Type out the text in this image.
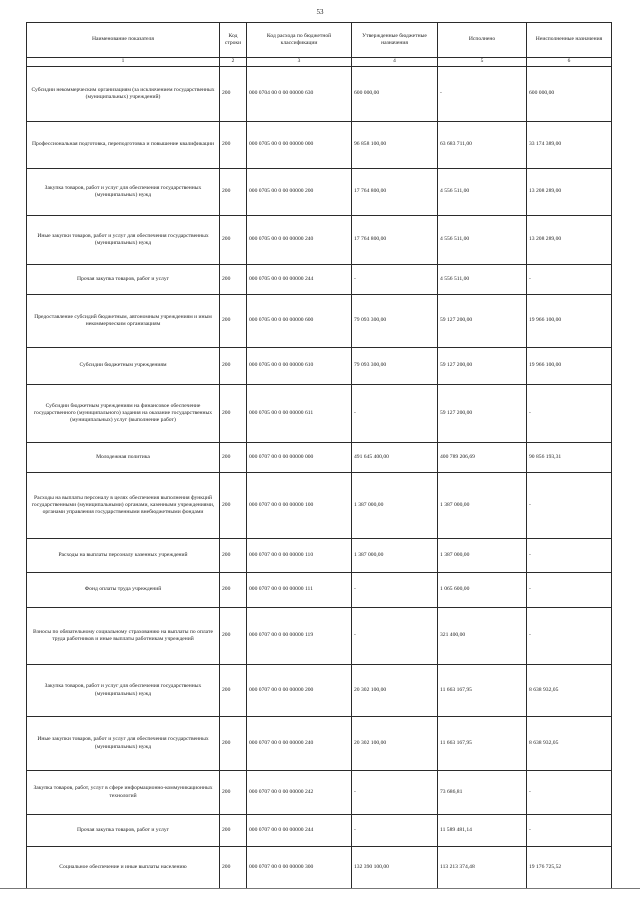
53
Наименование показателя	Код строки	Код расхода по бюджетной классификации	Утвержденные бюджетные назначения	Исполнено	Неисполненные назначения
1	2	3	4	5	6
Субсидии некоммерческим организациям (за исключением государственных (муниципальных) учреждений)	200	000 0704 00 0 00 00000 630	600 000,00	-	600 000,00
Профессиональная подготовка, переподготовка и повышение квалификации	200	000 0705 00 0 00 00000 000	96 858 100,00	63 683 711,00	33 174 389,00
Закупка товаров, работ и услуг для обеспечения государственных (муниципальных) нужд	200	000 0705 00 0 00 00000 200	17 764 800,00	4 556 511,00	13 208 289,00
Иные закупки товаров, работ и услуг для обеспечения государственных (муниципальных) нужд	200	000 0705 00 0 00 00000 240	17 764 800,00	4 556 511,00	13 208 289,00
Прочая закупка товаров, работ и услуг	200	000 0705 00 0 00 00000 244	-	4 556 511,00	-
Предоставление субсидий бюджетным, автономным учреждениям и иным некоммерческим организациям	200	000 0705 00 0 00 00000 600	79 093 300,00	59 127 200,00	19 966 100,00
Субсидии бюджетным учреждениям	200	000 0705 00 0 00 00000 610	79 093 300,00	59 127 200,00	19 966 100,00
Субсидии бюджетным учреждениям на финансовое обеспечение государственного (муниципального) задания на оказание государственных (муниципальных) услуг (выполнение работ)	200	000 0705 00 0 00 00000 611	-	59 127 200,00	-
Молодежная политика	200	000 0707 00 0 00 00000 000	491 645 400,00	400 789 206,69	90 856 193,31
Расходы на выплаты персоналу в целях обеспечения выполнения функций государственными (муниципальными) органами, казенными учреждениями, органами управления государственными внебюджетными фондами	200	000 0707 00 0 00 00000 100	1 387 000,00	1 387 000,00	-
Расходы на выплаты персоналу казенных учреждений	200	000 0707 00 0 00 00000 110	1 387 000,00	1 387 000,00	-
Фонд оплаты труда учреждений	200	000 0707 00 0 00 00000 111	-	1 065 600,00	-
Взносы по обязательному социальному страхованию на выплаты по оплате труда работников и иные выплаты работникам учреждений	200	000 0707 00 0 00 00000 119	-	321 400,00	-
Закупка товаров, работ и услуг для обеспечения государственных (муниципальных) нужд	200	000 0707 00 0 00 00000 200	20 302 100,00	11 663 167,95	8 638 932,05
Иные закупки товаров, работ и услуг для обеспечения государственных (муниципальных) нужд	200	000 0707 00 0 00 00000 240	20 302 100,00	11 663 167,95	8 638 932,05
Закупка товаров, работ, услуг в сфере информационно-коммуникационных технологий	200	000 0707 00 0 00 00000 242	-	73 686,81	-
Прочая закупка товаров, работ и услуг	200	000 0707 00 0 00 00000 244	-	11 589 481,14	-
Социальное обеспечение и иные выплаты населению	200	000 0707 00 0 00 00000 300	132 390 100,00	113 213 374,48	19 176 725,52
